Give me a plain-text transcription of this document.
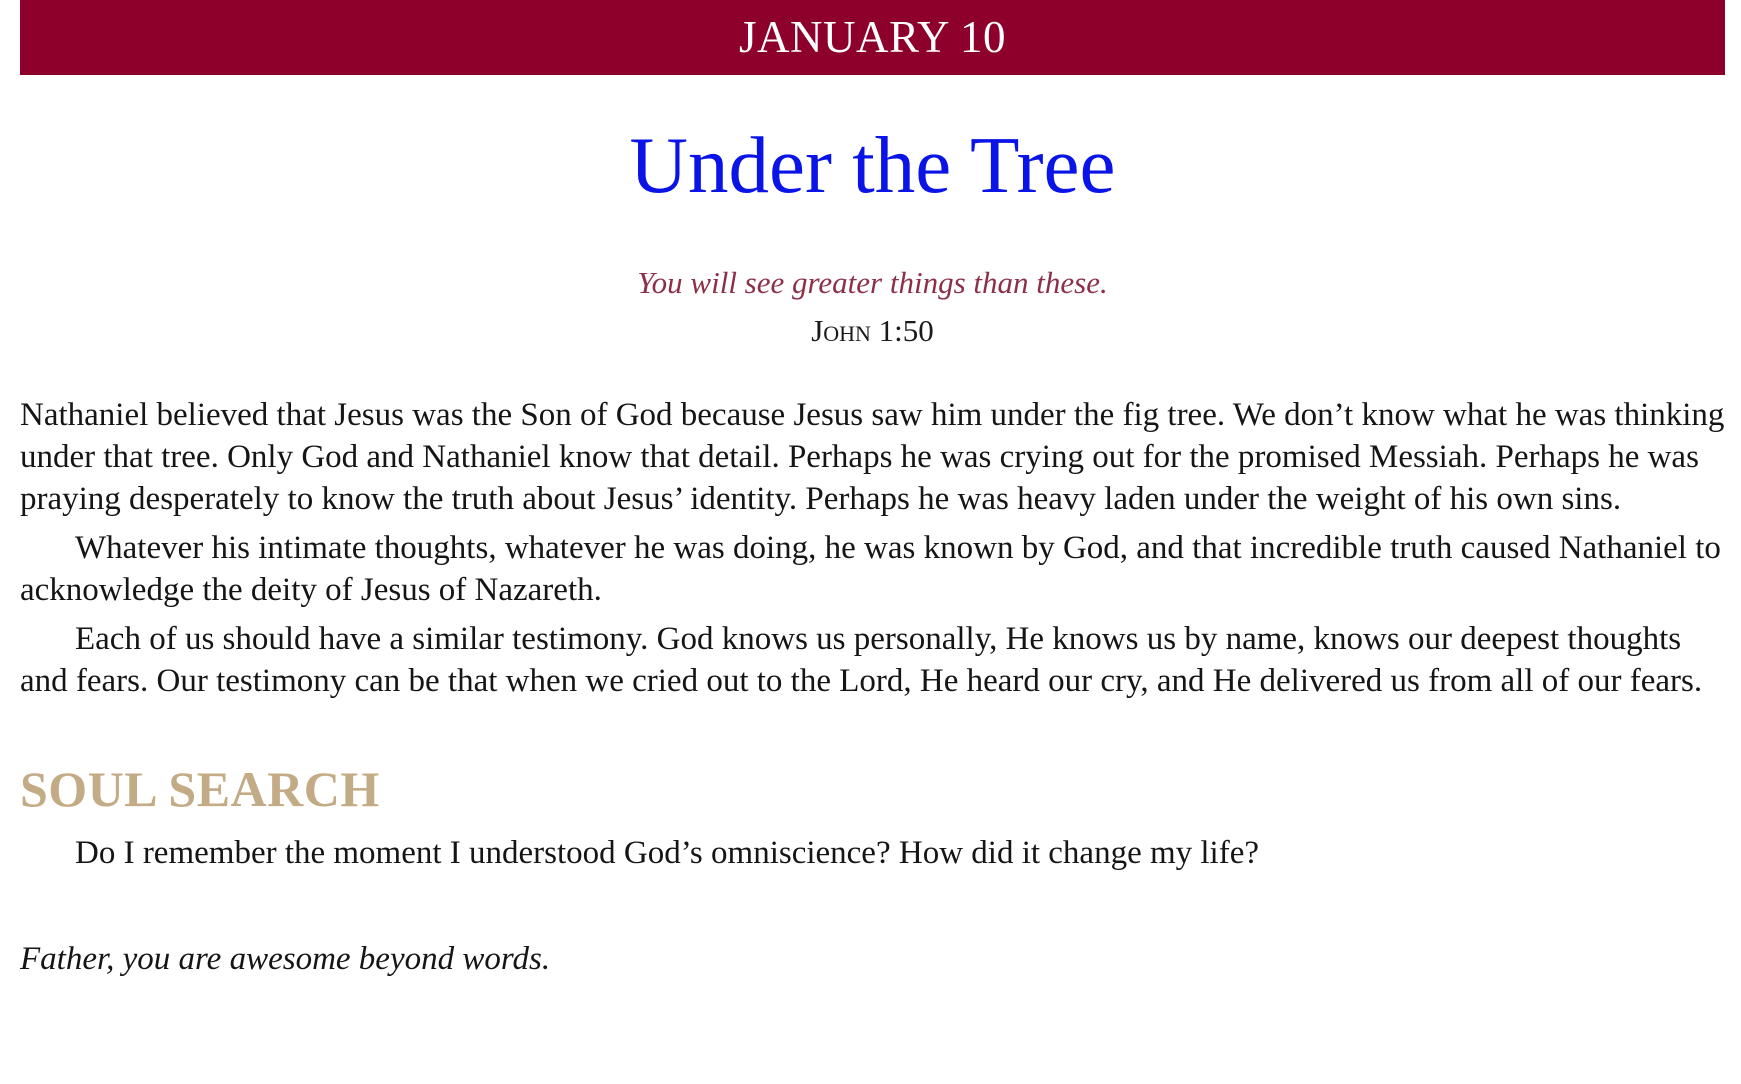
JANUARY 10
Under the Tree
You will see greater things than these.
John 1:50

Nathaniel believed that Jesus was the Son of God because Jesus saw him under the fig tree. We don’t know what he was thinking under that tree. Only God and Nathaniel know that detail. Perhaps he was crying out for the promised Messiah. Perhaps he was praying desperately to know the truth about Jesus’ identity. Perhaps he was heavy laden under the weight of his own sins.

Whatever his intimate thoughts, whatever he was doing, he was known by God, and that incredible truth caused Nathaniel to acknowledge the deity of Jesus of Nazareth.

Each of us should have a similar testimony. God knows us personally, He knows us by name, knows our deepest thoughts and fears. Our testimony can be that when we cried out to the Lord, He heard our cry, and He delivered us from all of our fears.

SOUL SEARCH
Do I remember the moment I understood God’s omniscience? How did it change my life?
Father, you are awesome beyond words.
